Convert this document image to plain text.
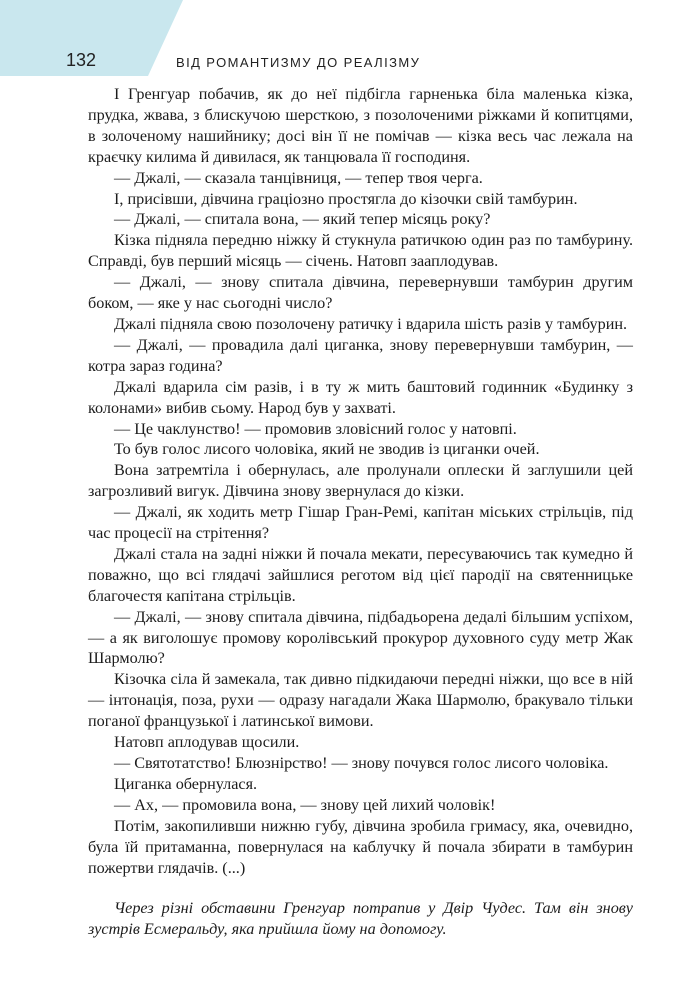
132	ВІД РОМАНТИЗМУ ДО РЕАЛІЗМУ

І Гренгуар побачив, як до неї підбігла гарненька біла маленька кізка, прудка, жвава, з блискучою шерсткою, з позолоченими ріжками й копитцями, в золоченому нашийнику; досі він її не помічав — кізка весь час лежала на краєчку килима й дивилася, як танцювала її господиня.

— Джалі, — сказала танцівниця, — тепер твоя черга.

І, присівши, дівчина граціозно простягла до кізочки свій тамбурин.

— Джалі, — спитала вона, — який тепер місяць року?

Кізка підняла передню ніжку й стукнула ратичкою один раз по тамбурину. Справді, був перший місяць — січень. Натовп зааплодував.

— Джалі, — знову спитала дівчина, перевернувши тамбурин другим боком, — яке у нас сьогодні число?

Джалі підняла свою позолочену ратичку і вдарила шість разів у тамбурин.

— Джалі, — провадила далі циганка, знову перевернувши тамбурин, — котра зараз година?

Джалі вдарила сім разів, і в ту ж мить баштовий годинник «Будинку з колонами» вибив сьому. Народ був у захваті.

— Це чаклунство! — промовив зловісний голос у натовпі.

То був голос лисого чоловіка, який не зводив із циганки очей.

Вона затремтіла і обернулась, але пролунали оплески й заглушили цей загрозливий вигук. Дівчина знову звернулася до кізки.

— Джалі, як ходить метр Гішар Гран-Ремі, капітан міських стрільців, під час процесії на стрітення?

Джалі стала на задні ніжки й почала мекати, пересуваючись так кумедно й поважно, що всі глядачі зайшлися реготом від цієї пародії на святенницьке благочестя капітана стрільців.

— Джалі, — знову спитала дівчина, підбадьорена дедалі більшим успіхом, — а як виголошує промову королівський прокурор духовного суду метр Жак Шармолю?

Кізочка сіла й замекала, так дивно підкидаючи передні ніжки, що все в ній — інтонація, поза, рухи — одразу нагадали Жака Шармолю, бракувало тільки поганої французької і латинської вимови.

Натовп аплодував щосили.

— Святотатство! Блюзнірство! — знову почувся голос лисого чоловіка.

Циганка обернулася.

— Ах, — промовила вона, — знову цей лихий чоловік!

Потім, закопиливши нижню губу, дівчина зробила гримасу, яка, очевидно, була їй притаманна, повернулася на каблучку й почала збирати в тамбурин пожертви глядачів. (...)

Через різні обставини Гренгуар потрапив у Двір Чудес. Там він знову зустрів Есмеральду, яка прийшла йому на допомогу.
